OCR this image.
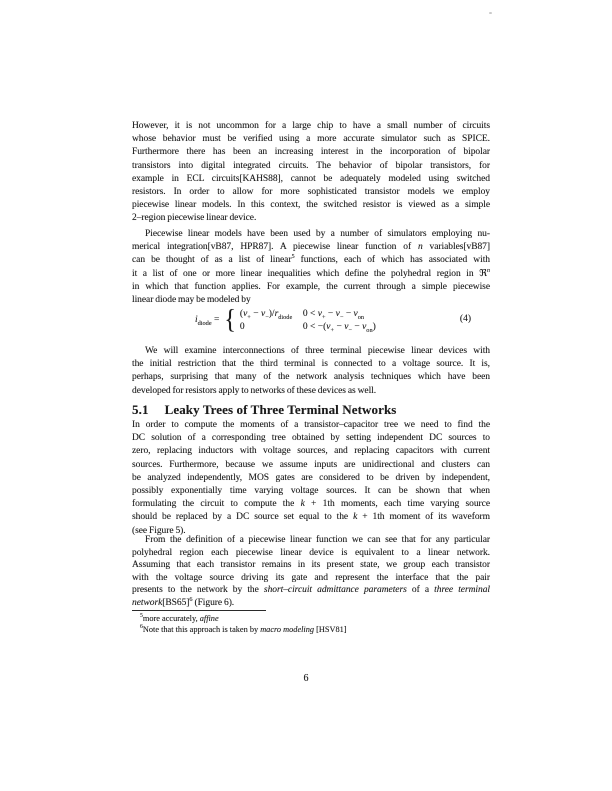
However, it is not uncommon for a large chip to have a small number of circuits
whose behavior must be verified using a more accurate simulator such as SPICE.
Furthermore there has been an increasing interest in the incorporation of bipolar
transistors into digital integrated circuits. The behavior of bipolar transistors, for
example in ECL circuits[KAHS88], cannot be adequately modeled using switched
resistors. In order to allow for more sophisticated transistor models we employ
piecewise linear models. In this context, the switched resistor is viewed as a simple
2–region piecewise linear device.
Piecewise linear models have been used by a number of simulators employing nu-
merical integration[vB87, HPR87]. A piecewise linear function of n variables[vB87]
can be thought of as a list of linear$^5$ functions, each of which has associated with
it a list of one or more linear inequalities which define the polyhedral region in ℜ$^n$
in which that function applies. For example, the current through a simple piecewise
linear diode may be modeled by
$i_{diode}$ = { $(v_+ - v_-)/r_{diode}$	$0 < v_+ - v_- - v_{on}$
0	$0 < -(v_+ - v_- - v_{on})$
(4)
We will examine interconnections of three terminal piecewise linear devices with
the initial restriction that the third terminal is connected to a voltage source. It is,
perhaps, surprising that many of the network analysis techniques which have been
developed for resistors apply to networks of these devices as well.
5.1 Leaky Trees of Three Terminal Networks
In order to compute the moments of a transistor–capacitor tree we need to find the
DC solution of a corresponding tree obtained by setting independent DC sources to
zero, replacing inductors with voltage sources, and replacing capacitors with current
sources. Furthermore, because we assume inputs are unidirectional and clusters can
be analyzed independently, MOS gates are considered to be driven by independent,
possibly exponentially time varying voltage sources. It can be shown that when
formulating the circuit to compute the k + 1th moments, each time varying source
should be replaced by a DC source set equal to the k + 1th moment of its waveform
(see Figure 5).
From the definition of a piecewise linear function we can see that for any particular
polyhedral region each piecewise linear device is equivalent to a linear network.
Assuming that each transistor remains in its present state, we group each transistor
with the voltage source driving its gate and represent the interface that the pair
presents to the network by the short–circuit admittance parameters of a three terminal
$network[BS65]^6$ (Figure 6).
$^5$more accurately, affine
$^6$Note that this approach is taken by macro modeling [HSV81]
6
